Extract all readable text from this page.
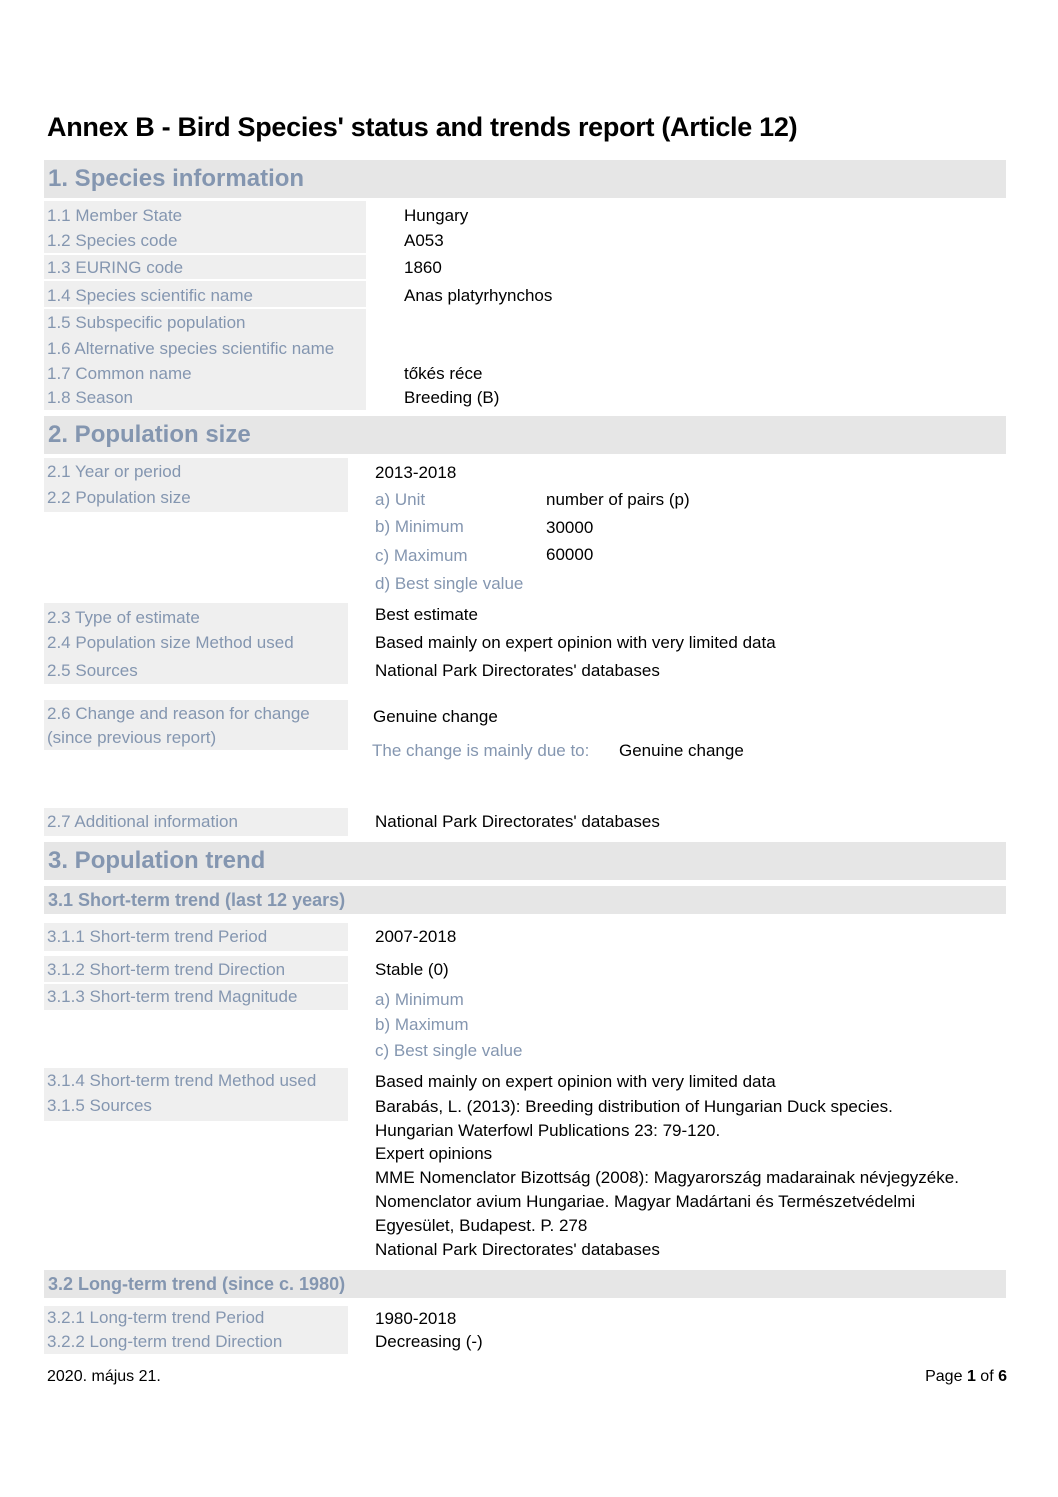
Annex B - Bird Species' status and trends report (Article 12)
1. Species information
1.1 Member State	Hungary
1.2 Species code	A053
1.3 EURING code	1860
1.4 Species scientific name	Anas platyrhynchos
1.5 Subspecific population
1.6 Alternative species scientific name
1.7 Common name	tőkés réce
1.8 Season	Breeding (B)
2. Population size
2.1 Year or period	2013-2018
2.2 Population size	a) Unit	number of pairs (p)
b) Minimum	30000
c) Maximum	60000
d) Best single value
2.3 Type of estimate	Best estimate
2.4 Population size Method used	Based mainly on expert opinion with very limited data
2.5 Sources	National Park Directorates' databases
2.6 Change and reason for change
(since previous report)
Genuine change
The change is mainly due to: Genuine change
2.7 Additional information	National Park Directorates' databases
3. Population trend
3.1 Short-term trend (last 12 years)
3.1.1 Short-term trend Period	2007-2018
3.1.2 Short-term trend Direction	Stable (0)
3.1.3 Short-term trend Magnitude	a) Minimum
b) Maximum
c) Best single value
3.1.4 Short-term trend Method used	Based mainly on expert opinion with very limited data
3.1.5 Sources	Barabás, L. (2013): Breeding distribution of Hungarian Duck species.
Hungarian Waterfowl Publications 23: 79-120.
Expert opinions
MME Nomenclator Bizottság (2008): Magyarország madarainak névjegyzéke.
Nomenclator avium Hungariae. Magyar Madártani és Természetvédelmi
Egyesület, Budapest. P. 278
National Park Directorates' databases
3.2 Long-term trend (since c. 1980)
3.2.1 Long-term trend Period	1980-2018
3.2.2 Long-term trend Direction	Decreasing (-)
2020. május 21.	Page 1 of 6
